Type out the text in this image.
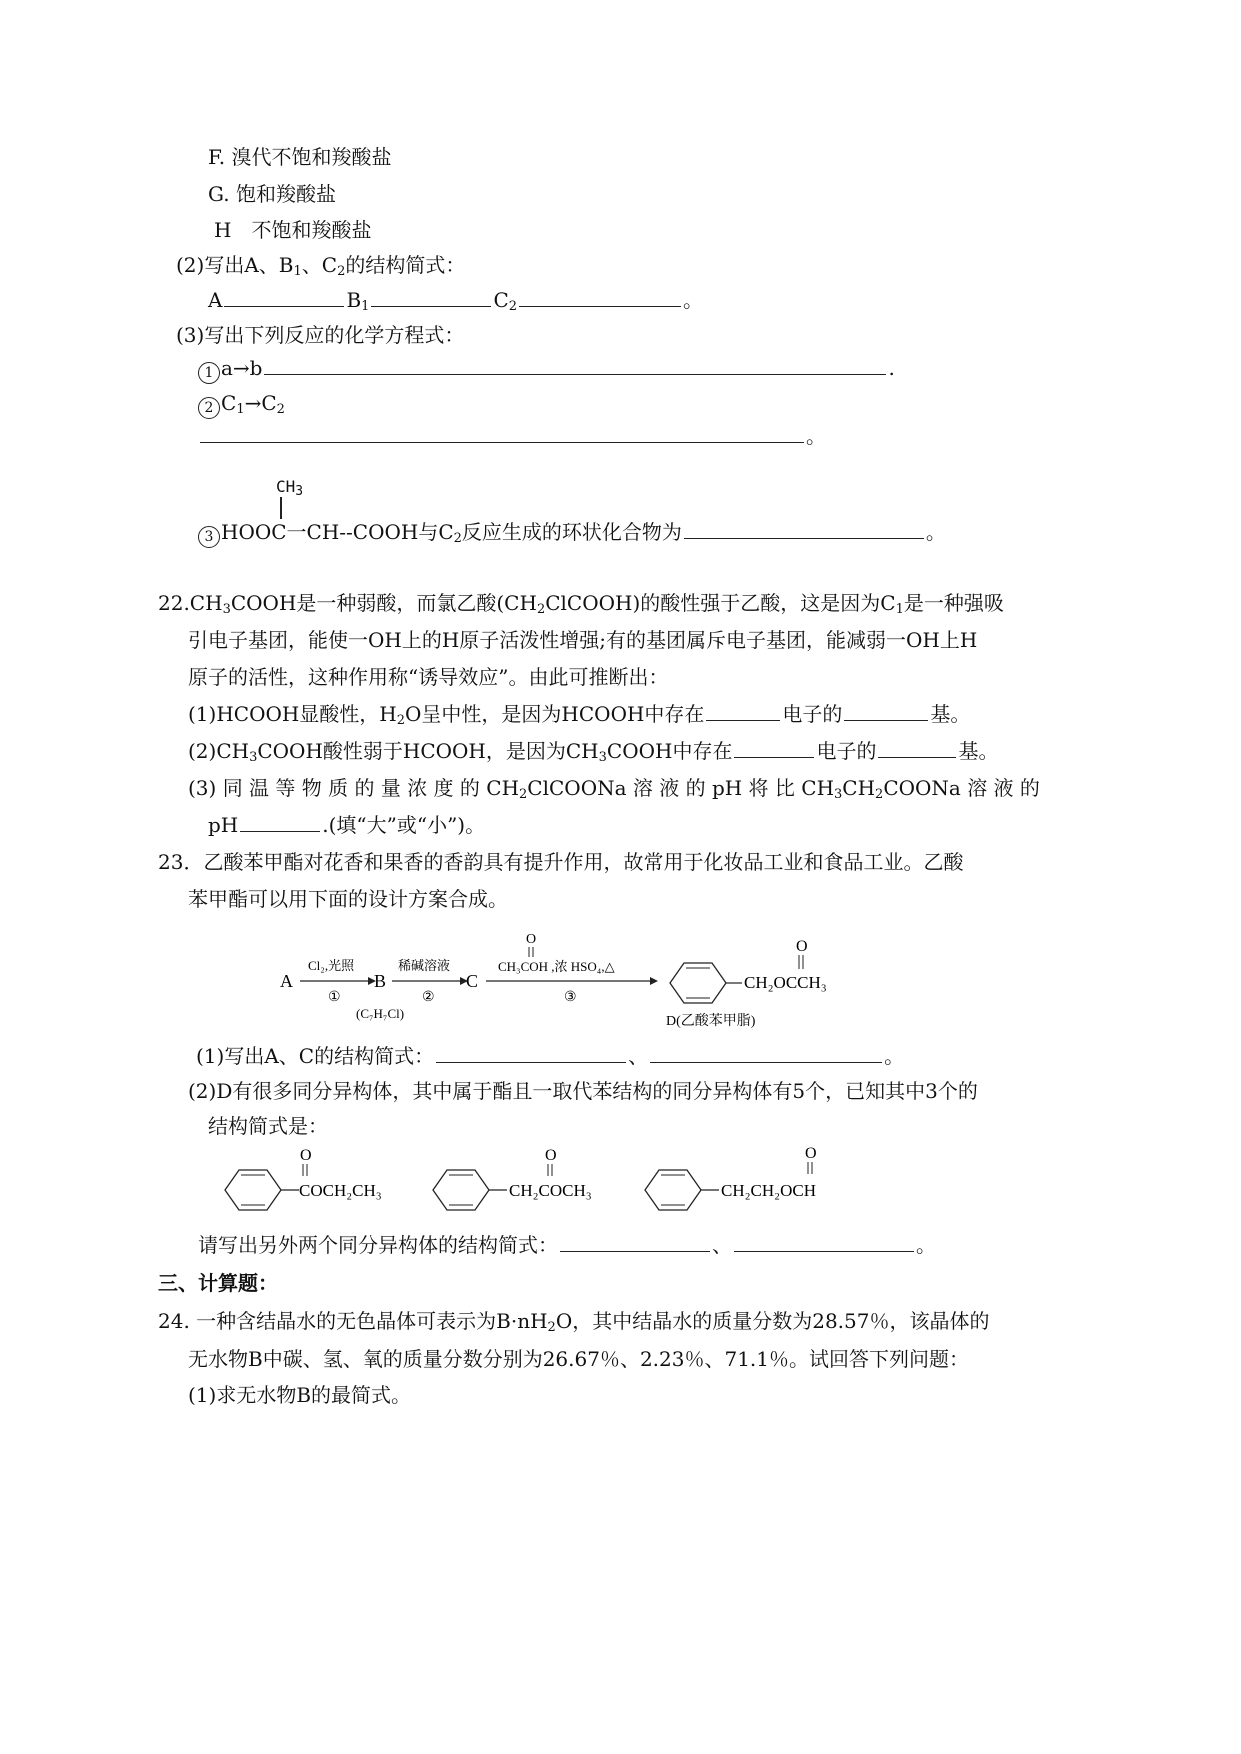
F. 溴代不饱和羧酸盐
G. 饱和羧酸盐
H　不饱和羧酸盐
(2)写出A、$B_1$、$C_2$的结构简式：
A	$B_1$	$C_2$	。
(3)写出下列反应的化学方程式：
1 a→b	.
2 $C_1\to C_2$
。
$CH_3$
3 HOOC一CH--COOH与$C_2$反应生成的环状化合物为	。
$22.CH_3COOH$是一种弱酸，而氯乙酸$(CH_2ClCOOH)$的酸性强于乙酸，这是因为$C_1$是一种强吸
引电子基团，能使一OH上的H原子活泼性增强;有的基团属斥电子基团，能减弱一OH上H
原子的活性，这种作用称“诱导效应”。由此可推断出：
(1)HCOOH显酸性，$H_2O$呈中性，是因为HCOOH中存在	电子的	基。
$(2)CH_3COOH$酸性弱于HCOOH，是因为$CH_3COOH$中存在	电子的	基。
(3) 同 温 等 物 质 的 量 浓 度 的 $CH_2ClCOONa$ 溶 液 的 pH 将 比 $CH_3CH_2COONa$ 溶 液 的
pH	.(填“大”或“小”)。
23．乙酸苯甲酯对花香和果香的香韵具有提升作用，故常用于化妆品工业和食品工业。乙酸
苯甲酯可以用下面的设计方案合成。
A
Cl₂,光照
①
B
(C₇H₇Cl)
稀碱溶液
②
C
O
CH₃COH ,浓 HSO₄,△
③
O
CH₂OCCH₃
D(乙酸苯甲脂)
(1)写出A、C的结构简式：	、	。
(2)D有很多同分异构体，其中属于酯且一取代苯结构的同分异构体有5个，已知其中3个的
结构简式是：
O
COCH₂CH₃
O
CH₂COCH₃
O
CH₂CH₂OCH
请写出另外两个同分异构体的结构简式：	、	。
三、计算题：
24. 一种含结晶水的无色晶体可表示为$B\cdot nH_2O$，其中结晶水的质量分数为28.57％，该晶体的
无水物B中碳、氢、氧的质量分数分别为26.67％、2.23％、71.1％。试回答下列问题：
(1)求无水物B的最简式。
